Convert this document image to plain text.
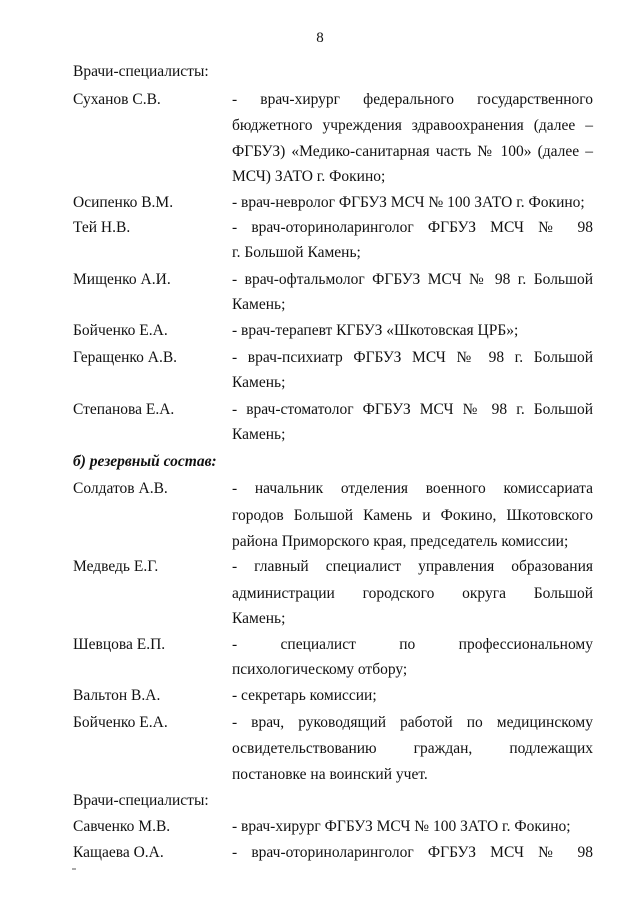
8
Врачи-специалисты:
Суханов С.В.	- врач-хирург федерального государственного
бюджетного учреждения здравоохранения (далее –
ФГБУЗ) «Медико-санитарная часть № 100» (далее –
МСЧ) ЗАТО г. Фокино;
Осипенко В.М.	- врач-невролог ФГБУЗ МСЧ № 100 ЗАТО г. Фокино;
Тей Н.В.	- врач-оториноларинголог ФГБУЗ МСЧ № 98
г. Большой Камень;
Мищенко А.И.	- врач-офтальмолог ФГБУЗ МСЧ № 98 г. Большой
Камень;
Бойченко Е.А.	- врач-терапевт КГБУЗ «Шкотовская ЦРБ»;
Геращенко А.В.	- врач-психиатр ФГБУЗ МСЧ № 98 г. Большой
Камень;
Степанова Е.А.	- врач-стоматолог ФГБУЗ МСЧ № 98 г. Большой
Камень;
б) резервный состав:
Солдатов А.В.	- начальник отделения военного комиссариата
городов Большой Камень и Фокино, Шкотовского
района Приморского края, председатель комиссии;
Медведь Е.Г.	- главный специалист управления образования
администрации городского округа Большой
Камень;
Шевцова Е.П.	- специалист по профессиональному
психологическому отбору;
Вальтон В.А.	- секретарь комиссии;
Бойченко Е.А.	- врач, руководящий работой по медицинскому
освидетельствованию граждан, подлежащих
постановке на воинский учет.
Врачи-специалисты:
Савченко М.В.	- врач-хирург ФГБУЗ МСЧ № 100 ЗАТО г. Фокино;
Кащаева О.А.	- врач-оториноларинголог ФГБУЗ МСЧ № 98
